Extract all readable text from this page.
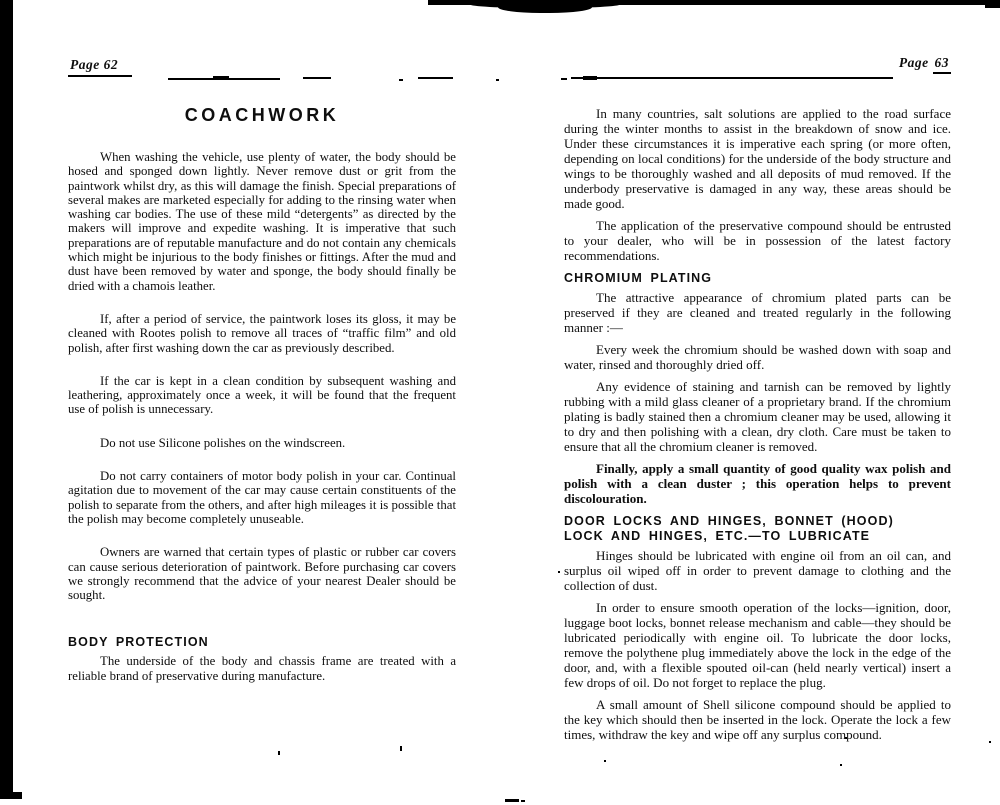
Page 62
COACHWORK

When washing the vehicle, use plenty of water, the body should be hosed and sponged down lightly. Never remove dust or grit from the paintwork whilst dry, as this will damage the finish. Special preparations of several makes are marketed especially for adding to the rinsing water when washing car bodies. The use of these mild “detergents” as directed by the makers will improve and expedite washing. It is imperative that such preparations are of reputable manufacture and do not contain any chemicals which might be injurious to the body finishes or fittings. After the mud and dust have been removed by water and sponge, the body should finally be dried with a chamois leather.

If, after a period of service, the paintwork loses its gloss, it may be cleaned with Rootes polish to remove all traces of “traffic film” and old polish, after first washing down the car as previously described.

If the car is kept in a clean condition by subsequent washing and leathering, approximately once a week, it will be found that the frequent use of polish is unnecessary.

Do not use Silicone polishes on the windscreen.

Do not carry containers of motor body polish in your car. Continual agitation due to movement of the car may cause certain constituents of the polish to separate from the others, and after high mileages it is possible that the polish may become completely unuseable.

Owners are warned that certain types of plastic or rubber car covers can cause serious deterioration of paintwork. Before purchasing car covers we strongly recommend that the advice of your nearest Dealer should be sought.

BODY PROTECTION

The underside of the body and chassis frame are treated with a reliable brand of preservative during manufacture.

Page 63

In many countries, salt solutions are applied to the road surface during the winter months to assist in the breakdown of snow and ice. Under these circumstances it is imperative each spring (or more often, depending on local conditions) for the underside of the body structure and wings to be thoroughly washed and all deposits of mud removed. If the underbody preservative is damaged in any way, these areas should be made good.

The application of the preservative compound should be entrusted to your dealer, who will be in possession of the latest factory recommendations.

CHROMIUM PLATING

The attractive appearance of chromium plated parts can be preserved if they are cleaned and treated regularly in the following manner :—

Every week the chromium should be washed down with soap and water, rinsed and thoroughly dried off.

Any evidence of staining and tarnish can be removed by lightly rubbing with a mild glass cleaner of a proprietary brand. If the chromium plating is badly stained then a chromium cleaner may be used, allowing it to dry and then polishing with a clean, dry cloth. Care must be taken to ensure that all the chromium cleaner is removed.

Finally, apply a small quantity of good quality wax polish and polish with a clean duster ; this operation helps to prevent discolouration.

DOOR LOCKS AND HINGES, BONNET (HOOD)
LOCK AND HINGES, ETC.—TO LUBRICATE

Hinges should be lubricated with engine oil from an oil can, and surplus oil wiped off in order to prevent damage to clothing and the collection of dust.

In order to ensure smooth operation of the locks—ignition, door, luggage boot locks, bonnet release mechanism and cable—they should be lubricated periodically with engine oil. To lubricate the door locks, remove the polythene plug immediately above the lock in the edge of the door, and, with a flexible spouted oil-can (held nearly vertical) insert a few drops of oil. Do not forget to replace the plug.

A small amount of Shell silicone compound should be applied to the key which should then be inserted in the lock. Operate the lock a few times, withdraw the key and wipe off any surplus compound.
